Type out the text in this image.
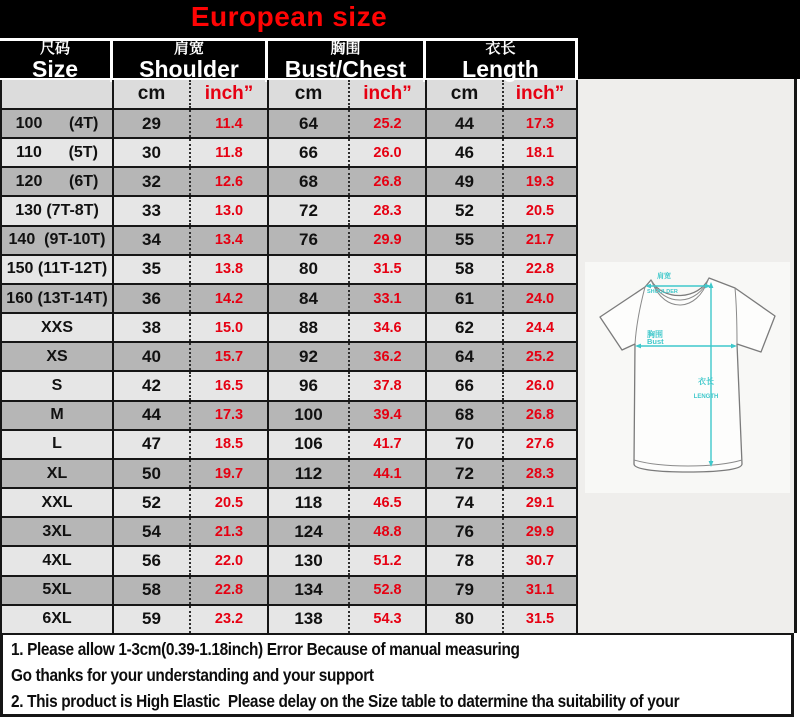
European size
尺码
Size
肩宽
Shoulder
胸围
Bust/Chest
衣长
Length
cm	inch”	cm	inch”	cm	inch”
100      (4T)	29	11.4	64	25.2	44	17.3
110      (5T)	30	11.8	66	26.0	46	18.1
120      (6T)	32	12.6	68	26.8	49	19.3
130 (7T-8T)	33	13.0	72	28.3	52	20.5
140  (9T-10T)	34	13.4	76	29.9	55	21.7
150 (11T-12T)	35	13.8	80	31.5	58	22.8
160 (13T-14T)	36	14.2	84	33.1	61	24.0
XXS	38	15.0	88	34.6	62	24.4
XS	40	15.7	92	36.2	64	25.2
S	42	16.5	96	37.8	66	26.0
M	44	17.3	100	39.4	68	26.8
L	47	18.5	106	41.7	70	27.6
XL	50	19.7	112	44.1	72	28.3
XXL	52	20.5	118	46.5	74	29.1
3XL	54	21.3	124	48.8	76	29.9
4XL	56	22.0	130	51.2	78	30.7
5XL	58	22.8	134	52.8	79	31.1
6XL	59	23.2	138	54.3	80	31.5
肩宽
SHOULDER
胸围
Bust
衣长
LENGTH
1. Please allow 1-3cm(0.39-1.18inch) Error Because of manual measuring
Go thanks for your understanding and your support
2. This product is High Elastic  Please delay on the Size table to datermine tha suitability of your
